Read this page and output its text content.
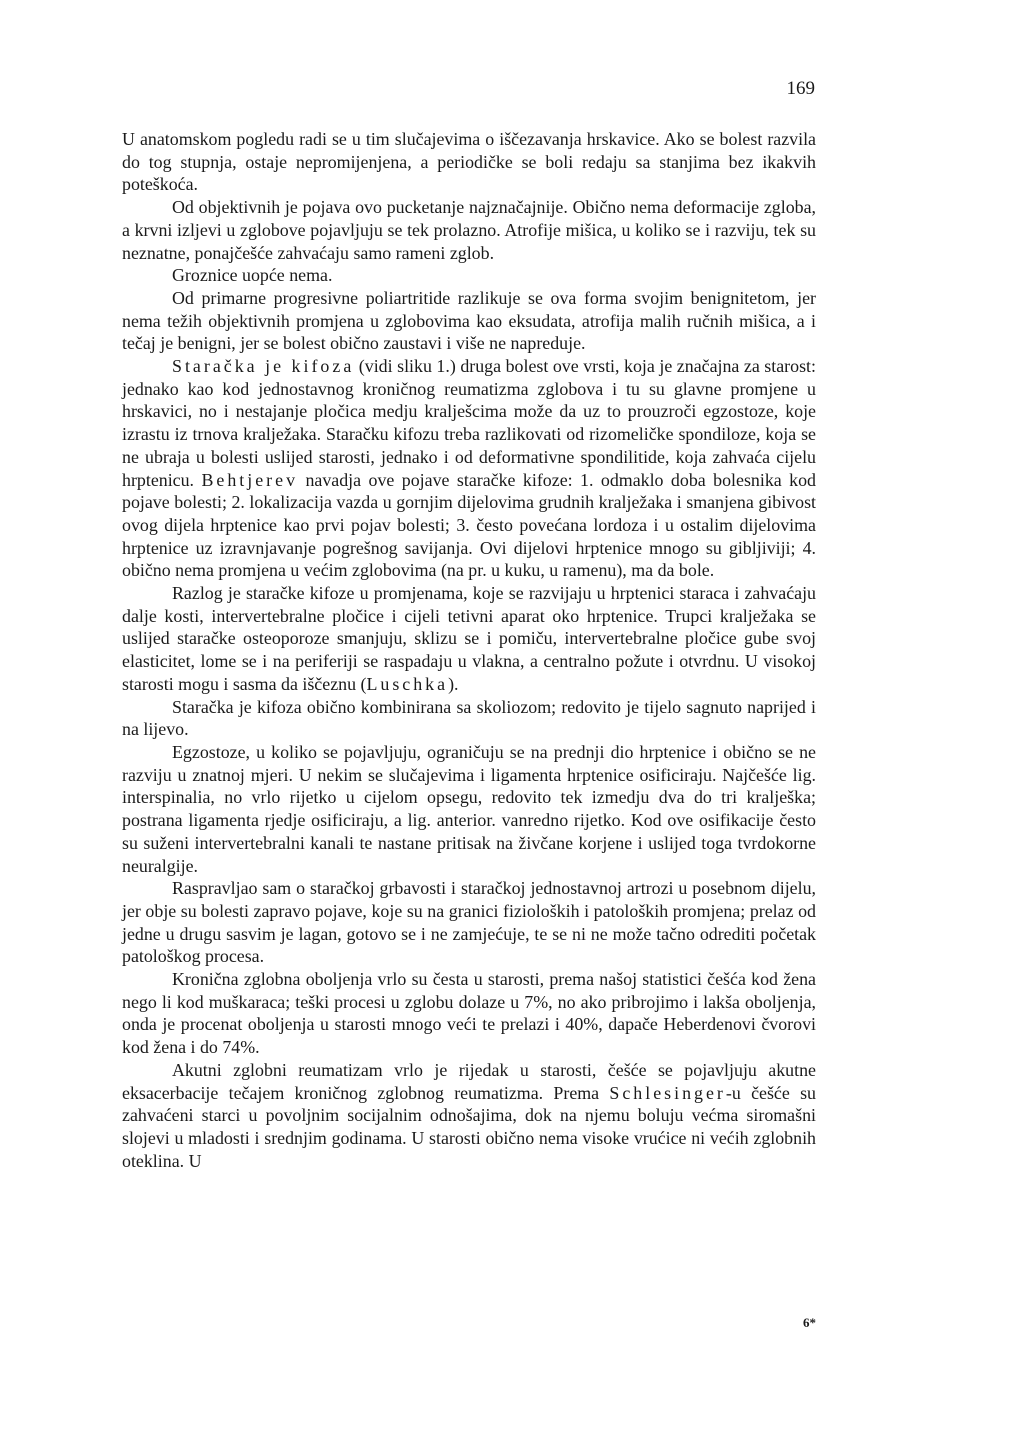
169

U anatomskom pogledu radi se u tim slučajevima o iščezavanja hrskavice. Ako se bolest razvila do tog stupnja, ostaje nepromijenjena, a periodičke se boli redaju sa stanjima bez ikakvih poteškoća.

Od objektivnih je pojava ovo pucketanje najznačajnije. Obično nema deformacije zgloba, a krvni izljevi u zglobove pojavljuju se tek prolazno. Atrofije mišica, u koliko se i razviju, tek su neznatne, ponajčešće zahvaćaju samo rameni zglob.

Groznice uopće nema.

Od primarne progresivne poliartritide razlikuje se ova forma svojim benignitetom, jer nema težih objektivnih promjena u zglobovima kao eksudata, atrofija malih ručnih mišica, a i tečaj je benigni, jer se bolest obično zaustavi i više ne napreduje.

Staračka je kifoza (vidi sliku 1.) druga bolest ove vrsti, koja je značajna za starost: jednako kao kod jednostavnog kroničnog reumatizma zglobova i tu su glavne promjene u hrskavici, no i nestajanje pločica medju kralješcima može da uz to prouzroči egzostoze, koje izrastu iz trnova kralježaka. Staračku kifozu treba razlikovati od rizomeličke spondiloze, koja se ne ubraja u bolesti uslijed starosti, jednako i od deformativne spondilitide, koja zahvaća cijelu hrptenicu. Behtjerev navadja ove pojave staračke kifoze: 1. odmaklo doba bolesnika kod pojave bolesti; 2. lokalizacija vazda u gornjim dijelovima grudnih kralježaka i smanjena gibivost ovog dijela hrptenice kao prvi pojav bolesti; 3. često povećana lordoza i u ostalim dijelovima hrptenice uz izravnjavanje pogrešnog savijanja. Ovi dijelovi hrptenice mnogo su gibljiviji; 4. obično nema promjena u većim zglobovima (na pr. u kuku, u ramenu), ma da bole.

Razlog je staračke kifoze u promjenama, koje se razvijaju u hrptenici staraca i zahvaćaju dalje kosti, intervertebralne pločice i cijeli tetivni aparat oko hrptenice. Trupci kralježaka se uslijed staračke osteoporoze smanjuju, sklizu se i pomiču, intervertebralne pločice gube svoj elasticitet, lome se i na periferiji se raspadaju u vlakna, a centralno požute i otvrdnu. U visokoj starosti mogu i sasma da iščeznu (Luschka).

Staračka je kifoza obično kombinirana sa skoliozom; redovito je tijelo sagnuto naprijed i na lijevo.

Egzostoze, u koliko se pojavljuju, ograničuju se na prednji dio hrptenice i obično se ne razviju u znatnoj mjeri. U nekim se slučajevima i ligamenta hrptenice osificiraju. Najčešće lig. interspinalia, no vrlo rijetko u cijelom opsegu, redovito tek izmedju dva do tri kralješka; postrana ligamenta rjedje osificiraju, a lig. anterior. vanredno rijetko. Kod ove osifikacije često su suženi intervertebralni kanali te nastane pritisak na živčane korjene i uslijed toga tvrdokorne neuralgije.

Raspravljao sam o staračkoj grbavosti i staračkoj jednostavnoj artrozi u posebnom dijelu, jer obje su bolesti zapravo pojave, koje su na granici fizioloških i patoloških promjena; prelaz od jedne u drugu sasvim je lagan, gotovo se i ne zamjećuje, te se ni ne može tačno odrediti početak patološkog procesa.

Kronična zglobna oboljenja vrlo su česta u starosti, prema našoj statistici češća kod žena nego li kod muškaraca; teški procesi u zglobu dolaze u 7%, no ako pribrojimo i lakša oboljenja, onda je procenat oboljenja u starosti mnogo veći te prelazi i 40%, dapače Heberdenovi čvorovi kod žena i do 74%.

Akutni zglobni reumatizam vrlo je rijedak u starosti, češće se pojavljuju akutne eksacerbacije tečajem kroničnog zglobnog reumatizma. Prema Schlesinger-u češće su zahvaćeni starci u povoljnim socijalnim odnošajima, dok na njemu boluju većma siromašni slojevi u mladosti i srednjim godinama. U starosti obično nema visoke vrućice ni većih zglobnih oteklina. U

6*
